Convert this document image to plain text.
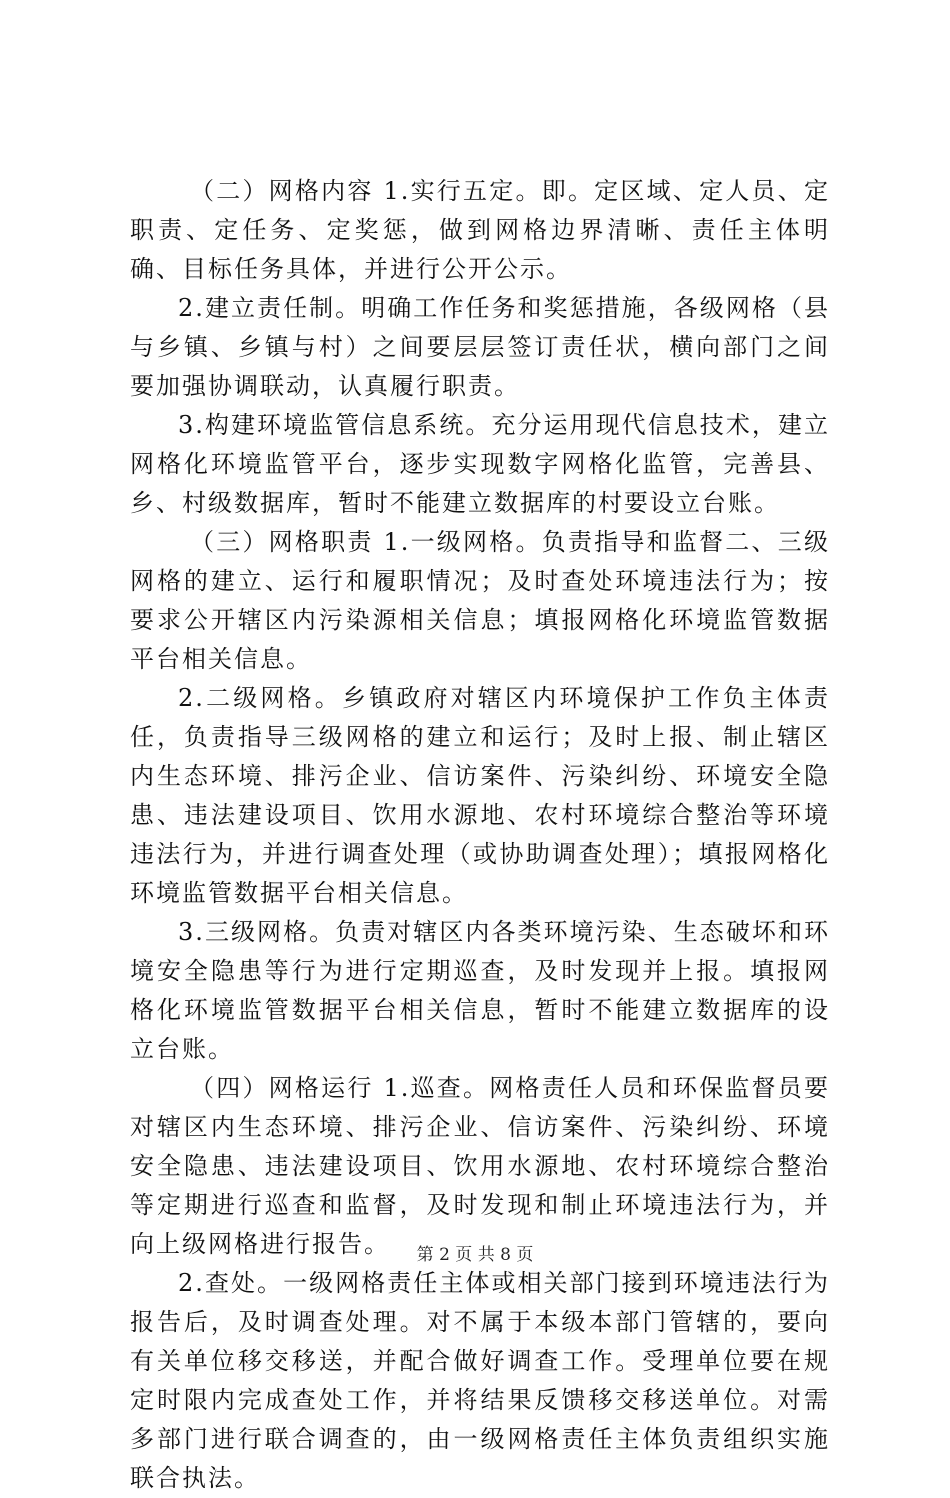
（二）网格内容 1.实行五定。即。定区域、定人员、定职责、定任务、定奖惩，做到网格边界清晰、责任主体明确、目标任务具体，并进行公开公示。

2.建立责任制。明确工作任务和奖惩措施，各级网格（县与乡镇、乡镇与村）之间要层层签订责任状，横向部门之间要加强协调联动，认真履行职责。

3.构建环境监管信息系统。充分运用现代信息技术，建立网格化环境监管平台，逐步实现数字网格化监管，完善县、乡、村级数据库，暂时不能建立数据库的村要设立台账。

（三）网格职责 1.一级网格。负责指导和监督二、三级网格的建立、运行和履职情况；及时查处环境违法行为；按要求公开辖区内污染源相关信息；填报网格化环境监管数据平台相关信息。

2.二级网格。乡镇政府对辖区内环境保护工作负主体责任，负责指导三级网格的建立和运行；及时上报、制止辖区内生态环境、排污企业、信访案件、污染纠纷、环境安全隐患、违法建设项目、饮用水源地、农村环境综合整治等环境违法行为，并进行调查处理（或协助调查处理）；填报网格化环境监管数据平台相关信息。

3.三级网格。负责对辖区内各类环境污染、生态破坏和环境安全隐患等行为进行定期巡查，及时发现并上报。填报网格化环境监管数据平台相关信息，暂时不能建立数据库的设立台账。

（四）网格运行 1.巡查。网格责任人员和环保监督员要对辖区内生态环境、排污企业、信访案件、污染纠纷、环境安全隐患、违法建设项目、饮用水源地、农村环境综合整治等定期进行巡查和监督，及时发现和制止环境违法行为，并向上级网格进行报告。

2.查处。一级网格责任主体或相关部门接到环境违法行为报告后，及时调查处理。对不属于本级本部门管辖的，要向有关单位移交移送，并配合做好调查工作。受理单位要在规定时限内完成查处工作，并将结果反馈移交移送单位。对需多部门进行联合调查的，由一级网格责任主体负责组织实施联合执法。

第 2 页 共 8 页
